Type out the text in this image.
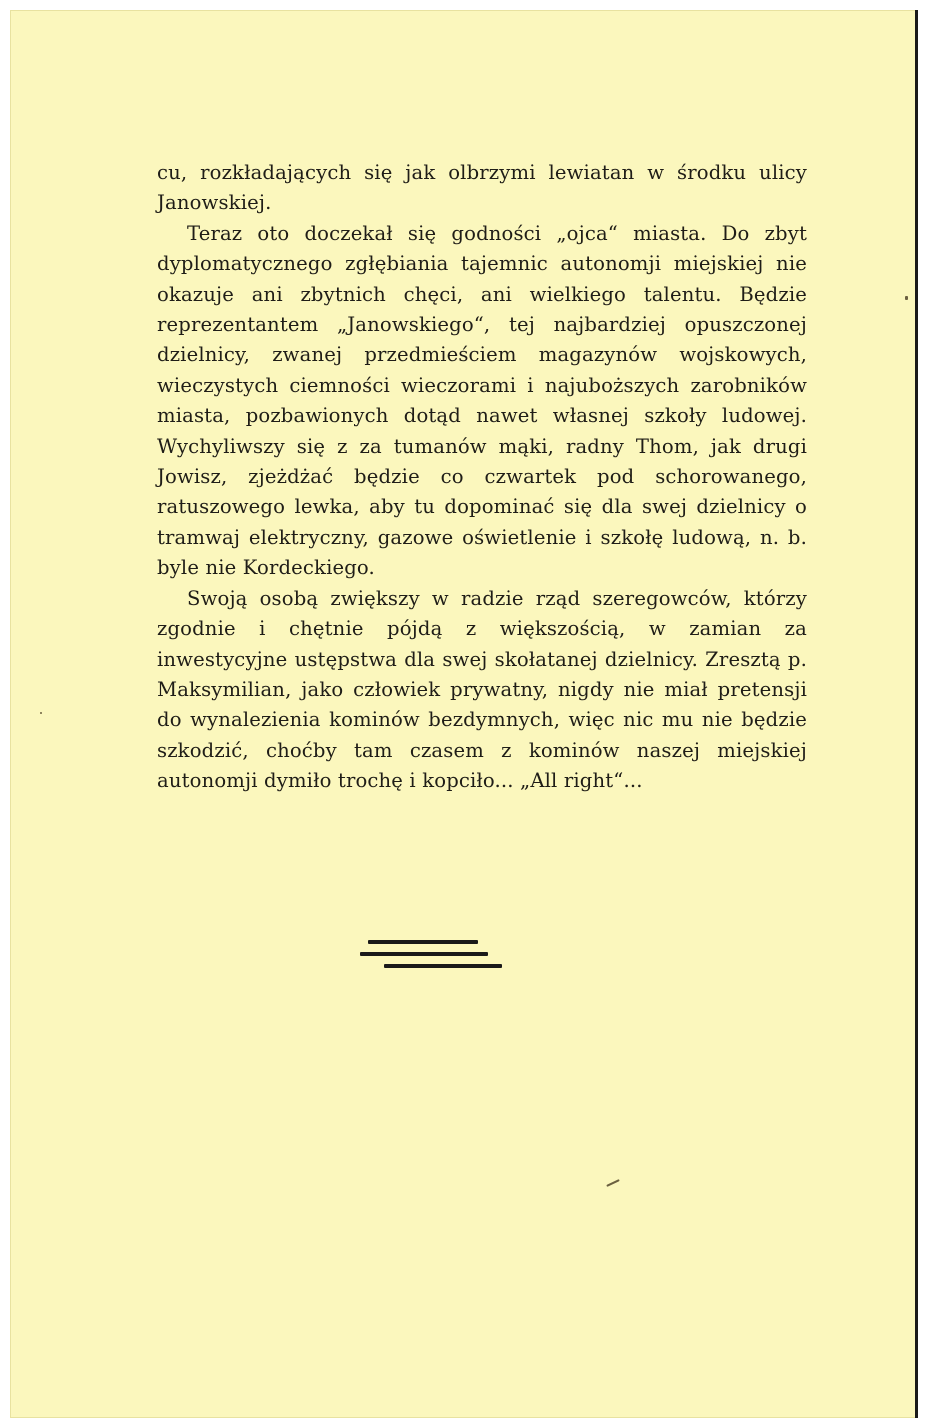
cu, rozkładających się jak olbrzymi lewiatan w środku ulicy Janowskiej.

Teraz oto doczekał się godności „ojca“ miasta. Do zbyt dyplomatycznego zgłębiania tajemnic autonomji miejskiej nie okazuje ani zbytnich chęci, ani wielkiego talentu. Będzie reprezentantem „Janowskiego“, tej najbardziej opuszczonej dzielnicy, zwanej przedmieściem magazynów wojskowych, wieczystych ciemności wieczorami i najuboższych zarobników miasta, pozbawionych dotąd nawet własnej szkoły ludowej. Wychyliwszy się z za tumanów mąki, radny Thom, jak drugi Jowisz, zjeżdżać będzie co czwartek pod schorowanego, ratuszowego lewka, aby tu dopominać się dla swej dzielnicy o tramwaj elektryczny, gazowe oświetlenie i szkołę ludową, n. b. byle nie Kordeckiego.

Swoją osobą zwiększy w radzie rząd szeregowców, którzy zgodnie i chętnie pójdą z większością, w zamian za inwestycyjne ustępstwa dla swej skołatanej dzielnicy. Zresztą p. Maksymilian, jako człowiek prywatny, nigdy nie miał pretensji do wynalezienia kominów bezdymnych, więc nic mu nie będzie szkodzić, choćby tam czasem z kominów naszej miejskiej autonomji dymiło trochę i kopciło... „All right“...
